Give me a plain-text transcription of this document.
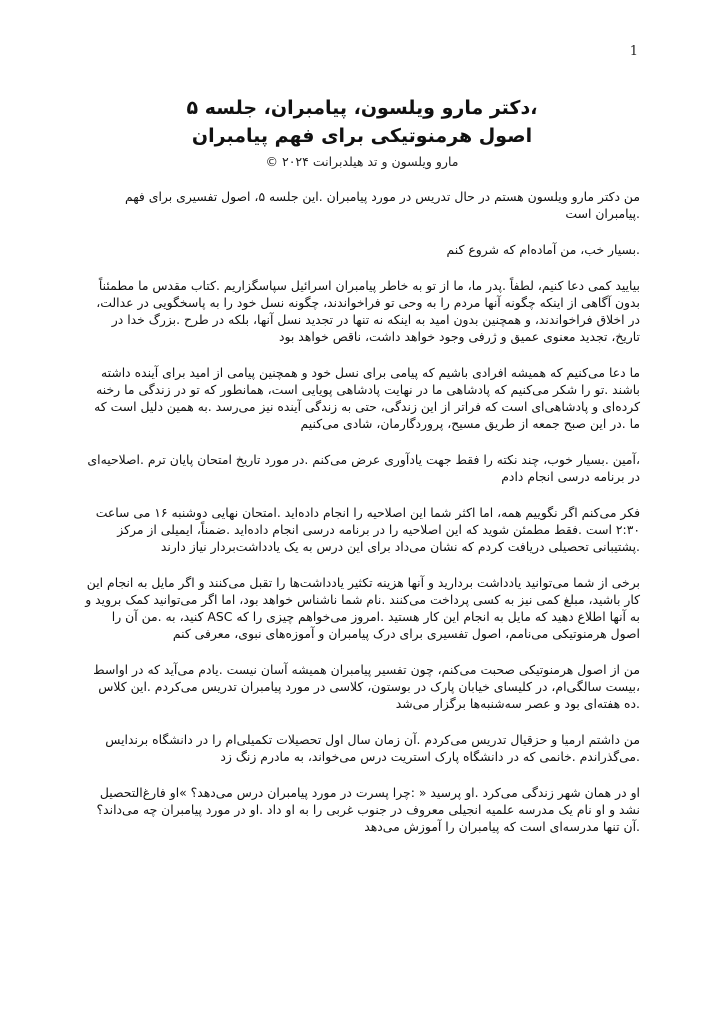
1
،دکتر مارو ویلسون، پیامبران، جلسه ۵
اصول هرمنوتیکی برای فهم پیامبران
مارو ویلسون و تد هیلدبرانت ۲۰۲۴ ©

من دکتر مارو ویلسون هستم در حال تدریس در مورد پیامبران .این جلسه ۵، اصول تفسیری برای فهم .پیامبران است

.بسیار خب، من آماده‌ام که شروع کنم

بیایید کمی دعا کنیم، لطفاً .پدر ما، ما از تو به خاطر پیامبران اسرائیل سپاسگزاریم .کتاب مقدس ما مطمئناً بدون آگاهی از اینکه چگونه آنها مردم را به وحی تو فراخواندند، چگونه نسل خود را به پاسخگویی در عدالت، در اخلاق فراخواندند، و همچنین بدون امید به اینکه نه تنها در تجدید نسل آنها، بلکه در طرح .بزرگ خدا در تاریخ، تجدید معنوی عمیق و ژرفی وجود خواهد داشت، ناقص خواهد بود

ما دعا می‌کنیم که همیشه افرادی باشیم که پیامی برای نسل خود و همچنین پیامی از امید برای آینده داشته باشند .تو را شکر می‌کنیم که پادشاهی ما در نهایت پادشاهی پویایی است، همانطور که تو در زندگی ما رخنه کرده‌ای و پادشاهی‌ای است که فراتر از این زندگی، حتی به زندگی آینده نیز می‌رسد .به همین دلیل است که ما .در این صبح جمعه از طریق مسیح، پروردگارمان، شادی می‌کنیم

،آمین .بسیار خوب، چند نکته را فقط جهت یادآوری عرض می‌کنم .در مورد تاریخ امتحان پایان ترم .اصلاحیه‌ای در برنامه درسی انجام دادم

فکر می‌کنم اگر نگوییم همه، اما اکثر شما این اصلاحیه را انجام داده‌اید .امتحان نهایی دوشنبه ۱۶ می ساعت ۲:۳۰ است .فقط مطمئن شوید که این اصلاحیه را در برنامه درسی انجام داده‌اید .ضمناً، ایمیلی از مرکز .پشتیبانی تحصیلی دریافت کردم که نشان می‌داد برای این درس به یک یادداشت‌بردار نیاز دارند

برخی از شما می‌توانید یادداشت بردارید و آنها هزینه تکثیر یادداشت‌ها را تقبل می‌کنند و اگر مایل به انجام این کار باشید، مبلغ کمی نیز به کسی پرداخت می‌کنند .نام شما ناشناس خواهد بود، اما اگر می‌توانید کمک بروید و به آنها اطلاع دهید که مایل به انجام این کار هستید .امروز می‌خواهم چیزی را که ASC کنید، به .من آن را اصول هرمنوتیکی می‌نامم، اصول تفسیری برای درک پیامبران و آموزه‌های نبوی، معرفی کنم

من از اصول هرمنوتیکی صحبت می‌کنم، چون تفسیر پیامبران همیشه آسان نیست .یادم می‌آید که در اواسط ،بیست سالگی‌ام، در کلیسای خیابان پارک در بوستون، کلاسی در مورد پیامبران تدریس می‌کردم .این کلاس .ده هفته‌ای بود و عصر سه‌شنبه‌ها برگزار می‌شد

من داشتم ارمیا و حزقیال تدریس می‌کردم .آن زمان سال اول تحصیلات تکمیلی‌ام را در دانشگاه برندایس .می‌گذراندم .خانمی که در دانشگاه پارک استریت درس می‌خواند، به مادرم زنگ زد

او در همان شهر زندگی می‌کرد .او پرسید « :چرا پسرت در مورد پیامبران درس می‌دهد؟ »او فارغ‌التحصیل نشد و او نام یک مدرسه علمیه انجیلی معروف در جنوب غربی را به او داد .او در مورد پیامبران چه می‌داند؟ .آن تنها مدرسه‌ای است که پیامبران را آموزش می‌دهد
